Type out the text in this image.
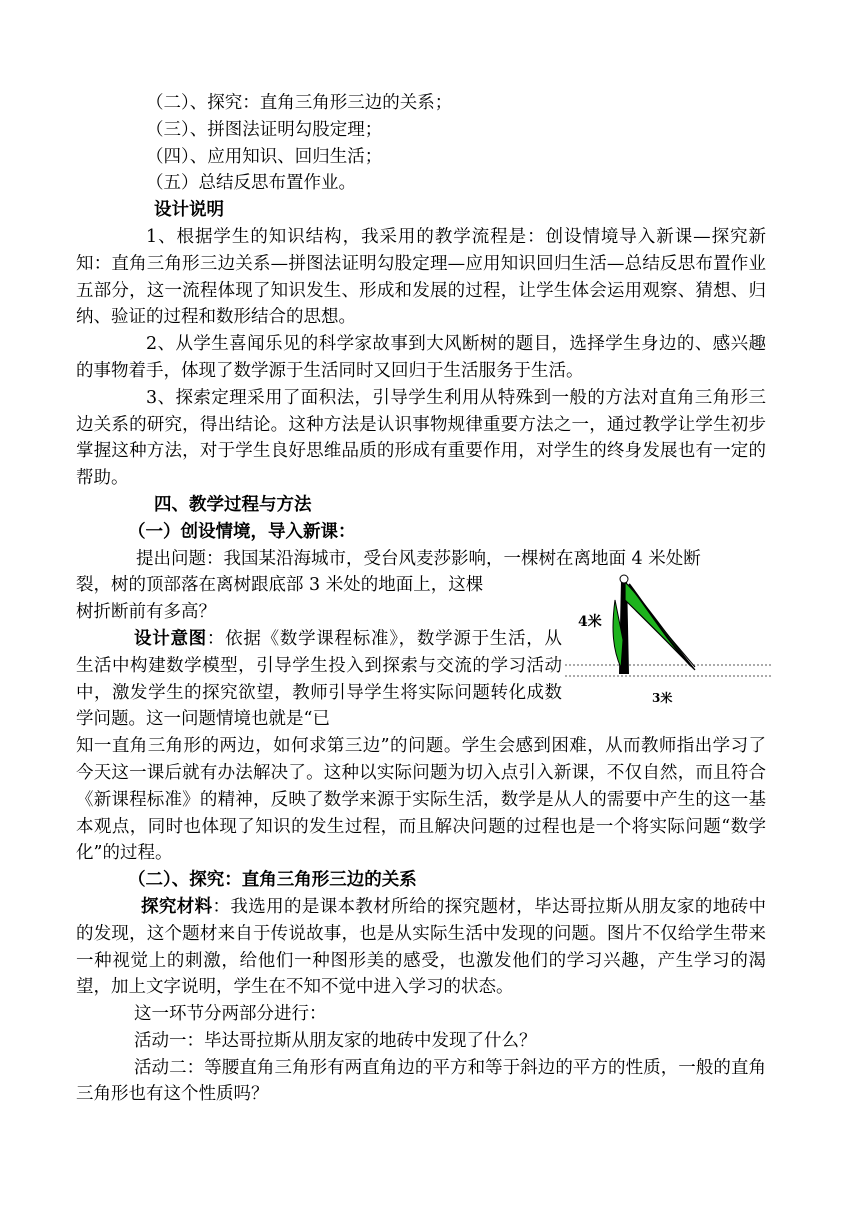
（二）、探究：直角三角形三边的关系；
（三）、拼图法证明勾股定理；
（四）、应用知识、回归生活；
（五）总结反思布置作业。
设计说明
1、根据学生的知识结构，我采用的教学流程是：创设情境导入新课—探究新知：直角三角形三边关系—拼图法证明勾股定理—应用知识回归生活—总结反思布置作业五部分，这一流程体现了知识发生、形成和发展的过程，让学生体会运用观察、猜想、归纳、验证的过程和数形结合的思想。
2、从学生喜闻乐见的科学家故事到大风断树的题目，选择学生身边的、感兴趣的事物着手，体现了数学源于生活同时又回归于生活服务于生活。
3、探索定理采用了面积法，引导学生利用从特殊到一般的方法对直角三角形三边关系的研究，得出结论。这种方法是认识事物规律重要方法之一，通过教学让学生初步掌握这种方法，对于学生良好思维品质的形成有重要作用，对学生的终身发展也有一定的帮助。
四、教学过程与方法
（一）创设情境，导入新课：
提出问题：我国某沿海城市，受台风麦莎影响，一棵树在离地面 4 米处断
裂，树的顶部落在离树跟底部 3 米处的地面上，这棵
树折断前有多高？
设计意图：依据《数学课程标准》，数学源于生活，从生活中构建数学模型，引导学生投入到探索与交流的学习活动中，激发学生的探究欲望，教师引导学生将实际问题转化成数学问题。这一问题情境也就是“已
知一直角三角形的两边，如何求第三边”的问题。学生会感到困难，从而教师指出学习了今天这一课后就有办法解决了。这种以实际问题为切入点引入新课，不仅自然，而且符合《新课程标准》的精神，反映了数学来源于实际生活，数学是从人的需要中产生的这一基本观点，同时也体现了知识的发生过程，而且解决问题的过程也是一个将实际问题“数学化”的过程。
（二）、探究：直角三角形三边的关系
探究材料：我选用的是课本教材所给的探究题材，毕达哥拉斯从朋友家的地砖中的发现，这个题材来自于传说故事，也是从实际生活中发现的问题。图片不仅给学生带来一种视觉上的刺激，给他们一种图形美的感受，也激发他们的学习兴趣，产生学习的渴望，加上文字说明，学生在不知不觉中进入学习的状态。
这一环节分两部分进行：
活动一：毕达哥拉斯从朋友家的地砖中发现了什么？
活动二：等腰直角三角形有两直角边的平方和等于斜边的平方的性质，一般的直角三角形也有这个性质吗？
4米
3米
